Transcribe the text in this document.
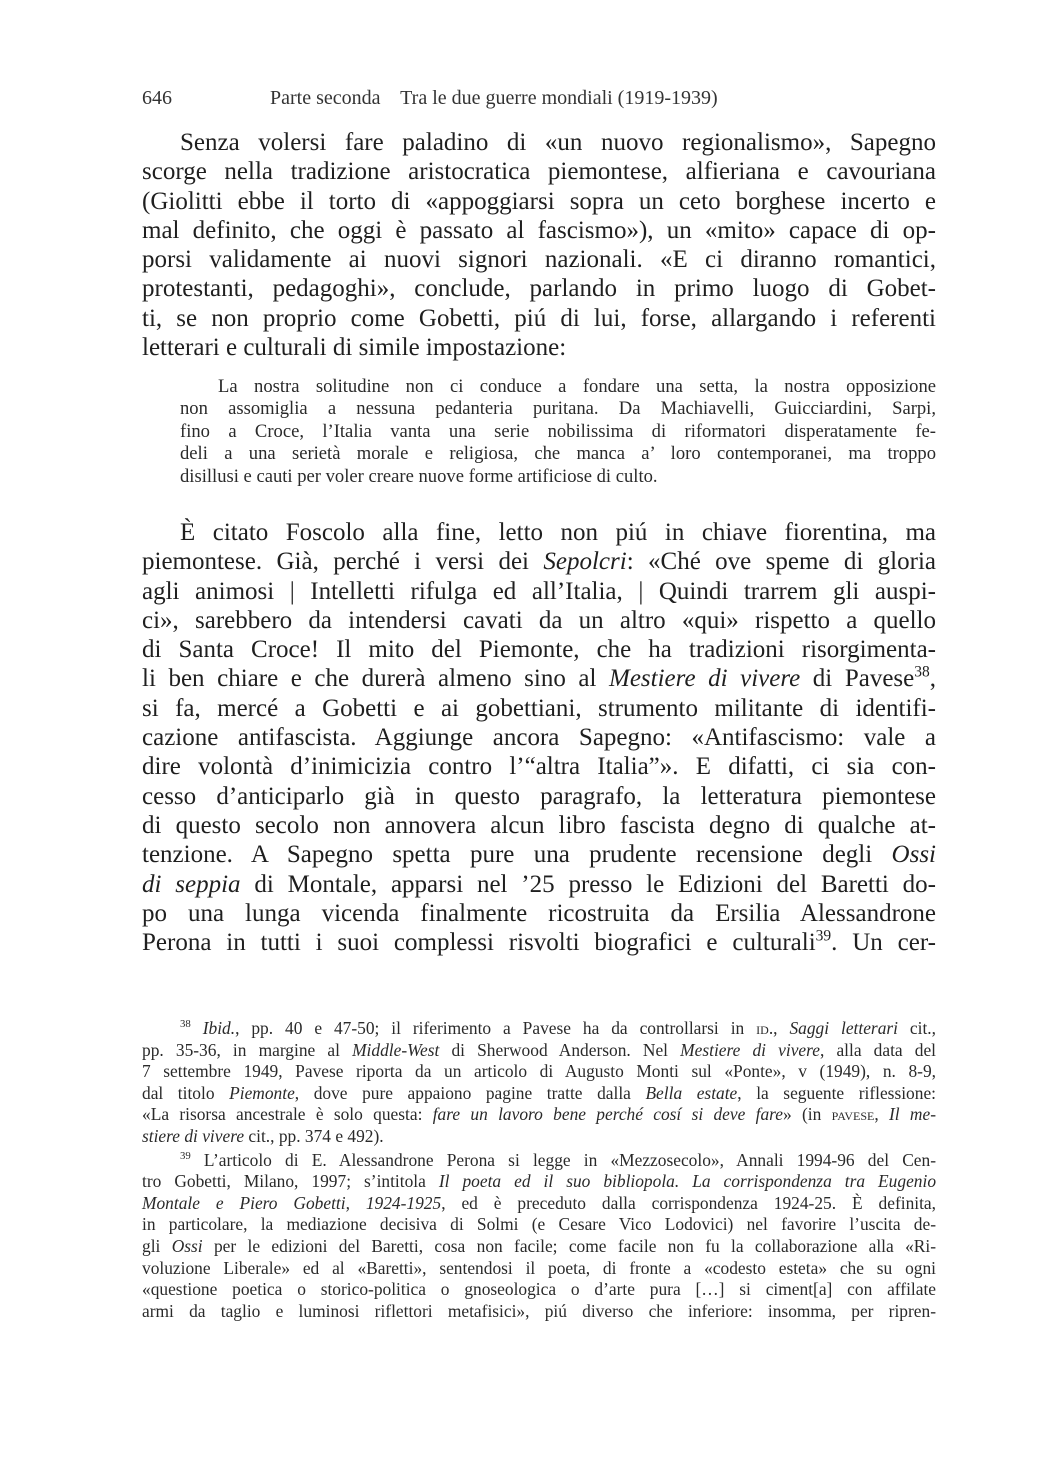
646	Parte seconda    Tra le due guerre mondiali (1919-1939)

Senza volersi fare paladino di «un nuovo regionalismo», Sapegno
scorge nella tradizione aristocratica piemontese, alfieriana e cavouriana
(Giolitti ebbe il torto di «appoggiarsi sopra un ceto borghese incerto e
mal definito, che oggi è passato al fascismo»), un «mito» capace di op-
porsi validamente ai nuovi signori nazionali. «E ci diranno romantici,
protestanti, pedagoghi», conclude, parlando in primo luogo di Gobet-
ti, se non proprio come Gobetti, piú di lui, forse, allargando i referenti
letterari e culturali di simile impostazione:

La nostra solitudine non ci conduce a fondare una setta, la nostra opposizione
non assomiglia a nessuna pedanteria puritana. Da Machiavelli, Guicciardini, Sarpi,
fino a Croce, l’Italia vanta una serie nobilissima di riformatori disperatamente fe-
deli a una serietà morale e religiosa, che manca a’ loro contemporanei, ma troppo
disillusi e cauti per voler creare nuove forme artificiose di culto.

È citato Foscolo alla fine, letto non piú in chiave fiorentina, ma
piemontese. Già, perché i versi dei Sepolcri: «Ché ove speme di gloria
agli animosi | Intelletti rifulga ed all’Italia, | Quindi trarrem gli auspi-
ci», sarebbero da intendersi cavati da un altro «qui» rispetto a quello
di Santa Croce! Il mito del Piemonte, che ha tradizioni risorgimenta-
li ben chiare e che durerà almeno sino al Mestiere di vivere di Pavese$^{38}$,
si fa, mercé a Gobetti e ai gobettiani, strumento militante di identifi-
cazione antifascista. Aggiunge ancora Sapegno: «Antifascismo: vale a
dire volontà d’inimicizia contro l’“altra Italia”». E difatti, ci sia con-
cesso d’anticiparlo già in questo paragrafo, la letteratura piemontese
di questo secolo non annovera alcun libro fascista degno di qualche at-
tenzione. A Sapegno spetta pure una prudente recensione degli Ossi
di seppia di Montale, apparsi nel ’25 presso le Edizioni del Baretti do-
po una lunga vicenda finalmente ricostruita da Ersilia Alessandrone
Perona in tutti i suoi complessi risvolti biografici e culturali$^{39}$. Un cer-

$^{38}$ Ibid., pp. 40 e 47-50; il riferimento a Pavese ha da controllarsi in id., Saggi letterari cit.,
pp. 35-36, in margine al Middle-West di Sherwood Anderson. Nel Mestiere di vivere, alla data del
7 settembre 1949, Pavese riporta da un articolo di Augusto Monti sul «Ponte», v (1949), n. 8-9,
dal titolo Piemonte, dove pure appaiono pagine tratte dalla Bella estate, la seguente riflessione:
«La risorsa ancestrale è solo questa: fare un lavoro bene perché cosí si deve fare» (in pavese, Il me-
stiere di vivere cit., pp. 374 e 492).

$^{39}$ L’articolo di E. Alessandrone Perona si legge in «Mezzosecolo», Annali 1994-96 del Cen-
tro Gobetti, Milano, 1997; s’intitola Il poeta ed il suo bibliopola. La corrispondenza tra Eugenio
Montale e Piero Gobetti, 1924-1925, ed è preceduto dalla corrispondenza 1924-25. È definita,
in particolare, la mediazione decisiva di Solmi (e Cesare Vico Lodovici) nel favorire l’uscita de-
gli Ossi per le edizioni del Baretti, cosa non facile; come facile non fu la collaborazione alla «Ri-
voluzione Liberale» ed al «Baretti», sentendosi il poeta, di fronte a «codesto esteta» che su ogni
«questione poetica o storico-politica o gnoseologica o d’arte pura […] si ciment[a] con affilate
armi da taglio e luminosi riflettori metafisici», piú diverso che inferiore: insomma, per ripren-
